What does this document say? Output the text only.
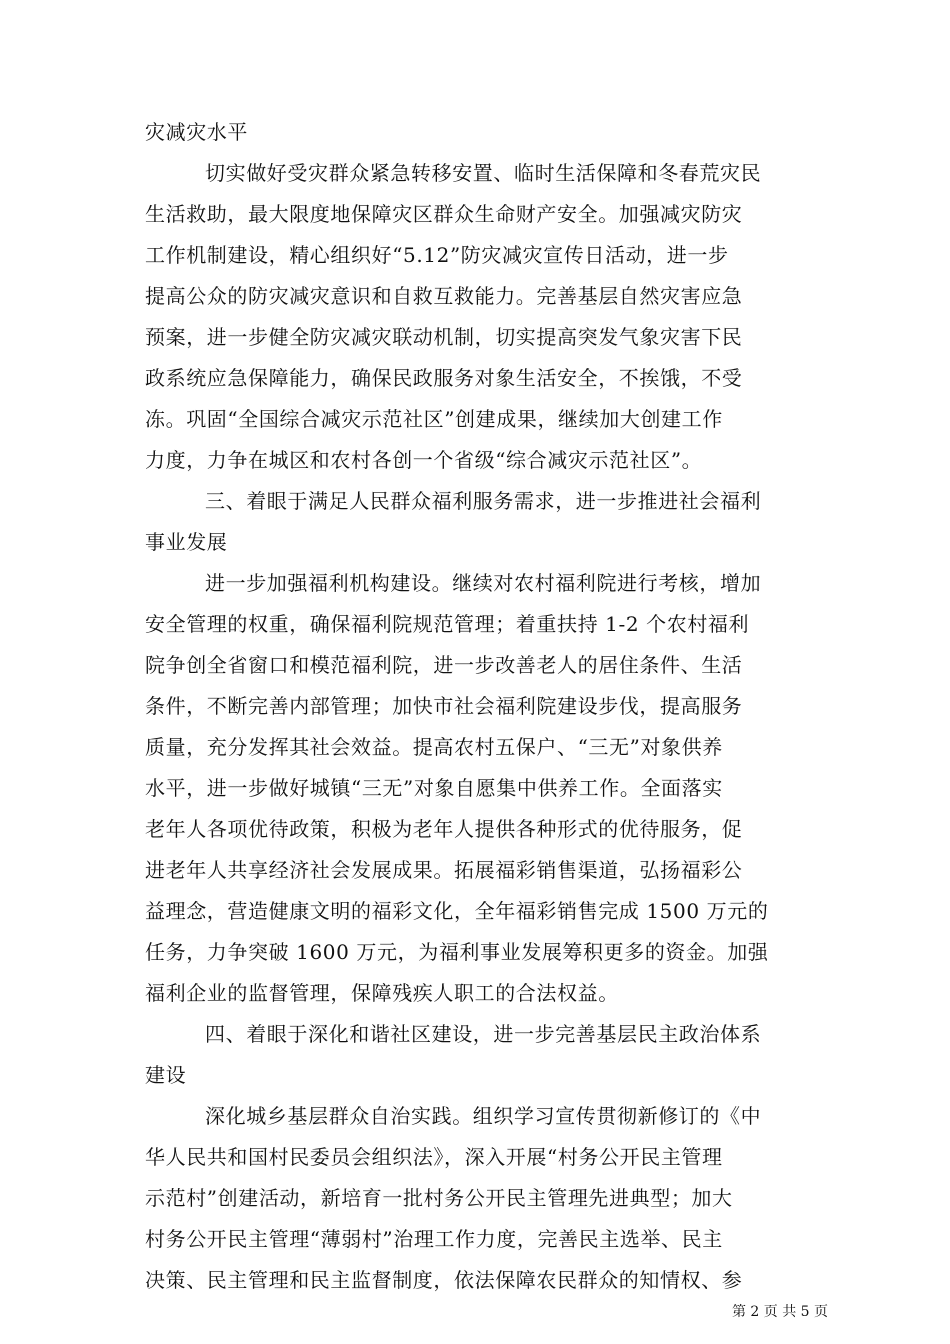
灾减灾水平
切实做好受灾群众紧急转移安置、临时生活保障和冬春荒灾民
生活救助，最大限度地保障灾区群众生命财产安全。加强减灾防灾
工作机制建设，精心组织好“5.12”防灾减灾宣传日活动，进一步
提高公众的防灾减灾意识和自救互救能力。完善基层自然灾害应急
预案，进一步健全防灾减灾联动机制，切实提高突发气象灾害下民
政系统应急保障能力，确保民政服务对象生活安全，不挨饿，不受
冻。巩固“全国综合减灾示范社区”创建成果，继续加大创建工作
力度，力争在城区和农村各创一个省级“综合减灾示范社区”。
三、着眼于满足人民群众福利服务需求，进一步推进社会福利
事业发展
进一步加强福利机构建设。继续对农村福利院进行考核，增加
安全管理的权重，确保福利院规范管理；着重扶持 1-2 个农村福利
院争创全省窗口和模范福利院，进一步改善老人的居住条件、生活
条件，不断完善内部管理；加快市社会福利院建设步伐，提高服务
质量，充分发挥其社会效益。提高农村五保户、“三无”对象供养
水平，进一步做好城镇“三无”对象自愿集中供养工作。全面落实
老年人各项优待政策，积极为老年人提供各种形式的优待服务，促
进老年人共享经济社会发展成果。拓展福彩销售渠道，弘扬福彩公
益理念，营造健康文明的福彩文化，全年福彩销售完成 1500 万元的
任务，力争突破 1600 万元，为福利事业发展筹积更多的资金。加强
福利企业的监督管理，保障残疾人职工的合法权益。
四、着眼于深化和谐社区建设，进一步完善基层民主政治体系
建设
深化城乡基层群众自治实践。组织学习宣传贯彻新修订的《中
华人民共和国村民委员会组织法》，深入开展“村务公开民主管理
示范村”创建活动，新培育一批村务公开民主管理先进典型；加大
村务公开民主管理“薄弱村”治理工作力度，完善民主选举、民主
决策、民主管理和民主监督制度，依法保障农民群众的知情权、参
第 2 页 共 5 页
